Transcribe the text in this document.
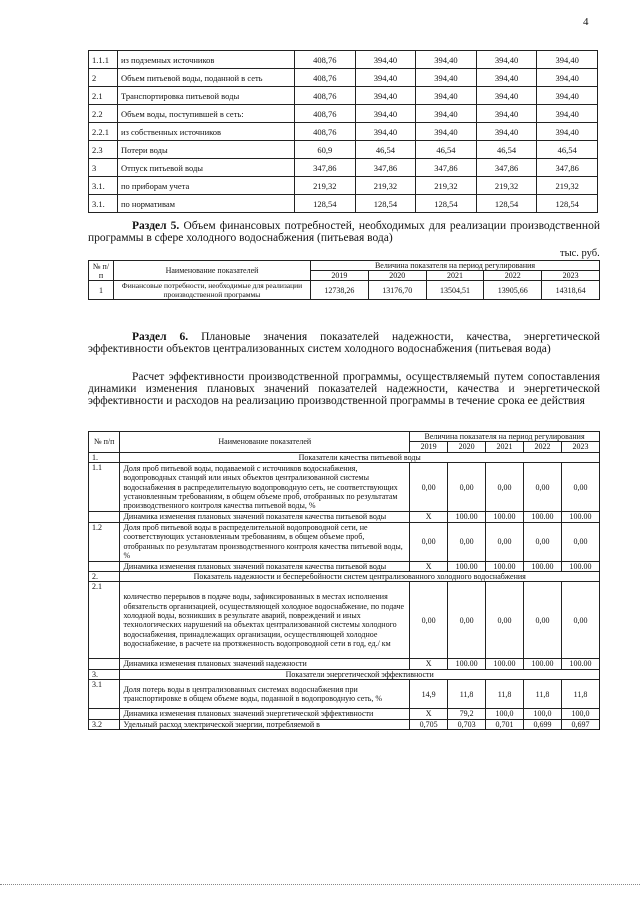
4
1.1.1	из подземных источников	408,76	394,40	394,40	394,40	394,40
2	Объем питьевой воды, поданной в сеть	408,76	394,40	394,40	394,40	394,40
2.1	Транспортировка питьевой воды	408,76	394,40	394,40	394,40	394,40
2.2	Объем воды, поступившей в сеть:	408,76	394,40	394,40	394,40	394,40
2.2.1	из собственных источников	408,76	394,40	394,40	394,40	394,40
2.3	Потери воды	60,9	46,54	46,54	46,54	46,54
3	Отпуск питьевой воды	347,86	347,86	347,86	347,86	347,86
3.1.	по приборам учета	219,32	219,32	219,32	219,32	219,32
3.1.	по нормативам	128,54	128,54	128,54	128,54	128,54
Раздел 5. Объем финансовых потребностей, необходимых для реализации производственной программы в сфере холодного водоснабжения (питьевая вода)
тыс. руб.
№ п/п	Наименование показателей	Величина показателя на период регулирования				
		2019	2020	2021	2022	2023
1	Финансовые потребности, необходимые для реализации производственной программы	12738,26	13176,70	13504,51	13905,66	14318,64
Раздел 6. Плановые значения показателей надежности, качества, энергетической эффективности объектов централизованных систем холодного водоснабжения (питьевая вода)
Расчет эффективности производственной программы, осуществляемый путем сопоставления динамики изменения плановых значений показателей надежности, качества и энергетической эффективности и расходов на реализацию производственной программы в течение срока ее действия
№ п/п	Наименование показателей	Величина показателя на период регулирования				
		2019	2020	2021	2022	2023
1.	Показатели качества питьевой воды					
1.1	Доля проб питьевой воды, подаваемой с источников водоснабжения, водопроводных станций или иных объектов централизованной системы водоснабжения в распределительную водопроводную сеть, не соответствующих установленным требованиям, в общем объеме проб, отобранных по результатам производственного контроля качества питьевой воды, %	0,00	0,00	0,00	0,00	0,00
	Динамика изменения плановых значений показателя качества питьевой воды	X	100.00	100.00	100.00	100.00
1.2	Доля проб питьевой воды в распределительной водопроводной сети, не соответствующих установленным требованиям, в общем объеме проб, отобранных по результатам производственного контроля качества питьевой воды, %	0,00	0,00	0,00	0,00	0,00
	Динамика изменения плановых значений показателя качества питьевой воды	X	100.00	100.00	100.00	100.00
2.	Показатель надежности и бесперебойности систем централизованного холодного водоснабжения					
2.1	количество перерывов в подаче воды, зафиксированных в местах исполнения обязательств организацией, осуществляющей холодное водоснабжение, по подаче холодной воды, возникших в результате аварий, повреждений и иных технологических нарушений на объектах централизованной системы холодного водоснабжения, принадлежащих организации, осуществляющей холодное водоснабжение, в расчете на протяженность водопроводной сети в год, ед./ км	0,00	0,00	0,00	0,00	0,00
	Динамика изменения плановых значений надежности	X	100.00	100.00	100.00	100.00
3.	Показатели энергетической эффективности					
3.1	Доля потерь воды в централизованных системах водоснабжения при транспортировке в общем объеме воды, поданной в водопроводную сеть, %	14,9	11,8	11,8	11,8	11,8
	Динамика изменения плановых значений энергетической эффективности	X	79,2	100,0	100,0	100,0
3.2	Удельный расход электрической энергии, потребляемой в	0,705	0,703	0,701	0,699	0,697
